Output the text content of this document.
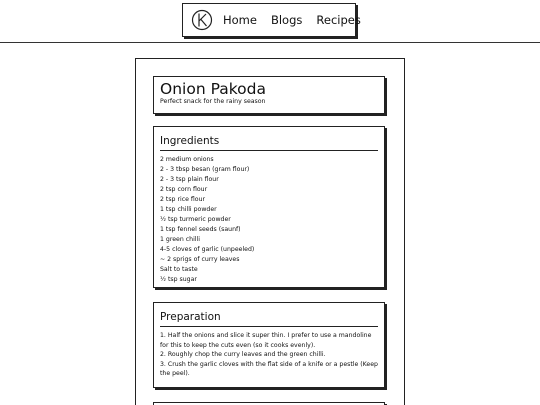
Home Blogs Recipes
Onion Pakoda

Perfect snack for the rainy season

Ingredients
2 medium onions
2 - 3 tbsp besan (gram flour)
2 - 3 tsp plain flour
2 tsp corn flour
2 tsp rice flour
1 tsp chilli powder
½ tsp turmeric powder
1 tsp fennel seeds (saunf)
1 green chilli
4-5 cloves of garlic (unpeeled)
~ 2 sprigs of curry leaves
Salt to taste
½ tsp sugar
Preparation
1. Half the onions and slice it super thin. I prefer to use a mandoline for this to keep the cuts even (so it cooks evenly).
2. Roughly chop the curry leaves and the green chilli.
3. Crush the garlic cloves with the flat side of a knife or a pestle (Keep the peel).
